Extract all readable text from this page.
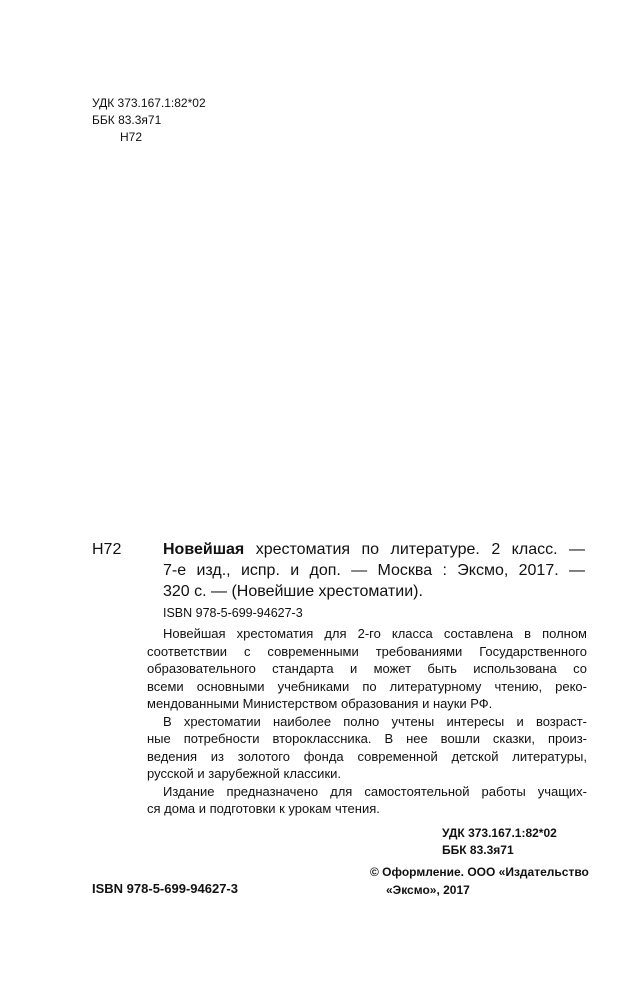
УДК 373.167.1:82*02
ББК 83.3я71
Н72
Н72	Новейшая хрестоматия по литературе. 2 класс. —
7-е изд., испр. и доп. — Москва : Эксмо, 2017. —
320 с. — (Новейшие хрестоматии).
ISBN 978-5-699-94627-3
Новейшая хрестоматия для 2-го класса составлена в полном
соответствии с современными требованиями Государственного
образовательного стандарта и может быть использована со
всеми основными учебниками по литературному чтению, реко-
мендованными Министерством образования и науки РФ.
В хрестоматии наиболее полно учтены интересы и возраст-
ные потребности второклассника. В нее вошли сказки, произ-
ведения из золотого фонда современной детской литературы,
русской и зарубежной классики.
Издание предназначено для самостоятельной работы учащих-
ся дома и подготовки к урокам чтения.
УДК 373.167.1:82*02
ББК 83.3я71
ISBN 978-5-699-94627-3
© Оформление. ООО «Издательство
«Эксмо», 2017
